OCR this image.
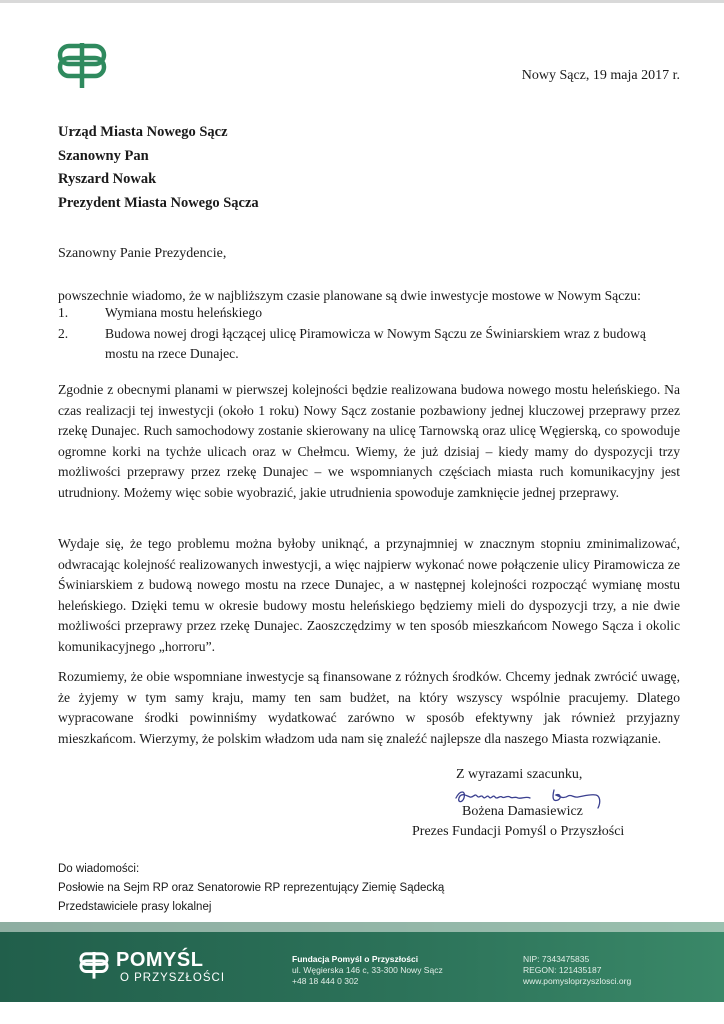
Nowy Sącz, 19 maja 2017 r.
Urząd Miasta Nowego Sącz
Szanowny Pan
Ryszard Nowak
Prezydent Miasta Nowego Sącza
Szanowny Panie Prezydencie,
powszechnie wiadomo, że w najbliższym czasie planowane są dwie inwestycje mostowe w Nowym Sączu:
1.	Wymiana mostu heleńskiego
2.	Budowa nowej drogi łączącej ulicę Piramowicza w Nowym Sączu ze Świniarskiem wraz z budową mostu na rzece Dunajec.
Zgodnie z obecnymi planami w pierwszej kolejności będzie realizowana budowa nowego mostu heleńskiego. Na czas realizacji tej inwestycji (około 1 roku) Nowy Sącz zostanie pozbawiony jednej kluczowej przeprawy przez rzekę Dunajec. Ruch samochodowy zostanie skierowany na ulicę Tarnowską oraz ulicę Węgierską, co spowoduje ogromne korki na tychże ulicach oraz w Chełmcu. Wiemy, że już dzisiaj – kiedy mamy do dyspozycji trzy możliwości przeprawy przez rzekę Dunajec – we wspomnianych częściach miasta ruch komunikacyjny jest utrudniony. Możemy więc sobie wyobrazić, jakie utrudnienia spowoduje zamknięcie jednej przeprawy.
Wydaje się, że tego problemu można byłoby uniknąć, a przynajmniej w znacznym stopniu zminimalizować, odwracając kolejność realizowanych inwestycji, a więc najpierw wykonać nowe połączenie ulicy Piramowicza ze Świniarskiem z budową nowego mostu na rzece Dunajec, a w następnej kolejności rozpocząć wymianę mostu heleńskiego. Dzięki temu w okresie budowy mostu heleńskiego będziemy mieli do dyspozycji trzy, a nie dwie możliwości przeprawy przez rzekę Dunajec. Zaoszczędzimy w ten sposób mieszkańcom Nowego Sącza i okolic komunikacyjnego „horroru”.
Rozumiemy, że obie wspomniane inwestycje są finansowane z różnych środków. Chcemy jednak zwrócić uwagę, że żyjemy w tym samy kraju, mamy ten sam budżet, na który wszyscy wspólnie pracujemy. Dlatego wypracowane środki powinniśmy wydatkować zarówno w sposób efektywny jak również przyjazny mieszkańcom. Wierzymy, że polskim władzom uda nam się znaleźć najlepsze dla naszego Miasta rozwiązanie.
Z wyrazami szacunku,
Bożena Damasiewicz
Prezes Fundacji Pomyśl o Przyszłości
Do wiadomości:
Posłowie na Sejm RP oraz Senatorowie RP reprezentujący Ziemię Sądecką
Przedstawiciele prasy lokalnej
POMYŚL
O PRZYSZŁOŚCI
Fundacja Pomyśl o Przyszłości
ul. Węgierska 146 c, 33-300 Nowy Sącz
+48 18 444 0 302
NIP: 7343475835
REGON: 121435187
www.pomysloprzyszlosci.org
